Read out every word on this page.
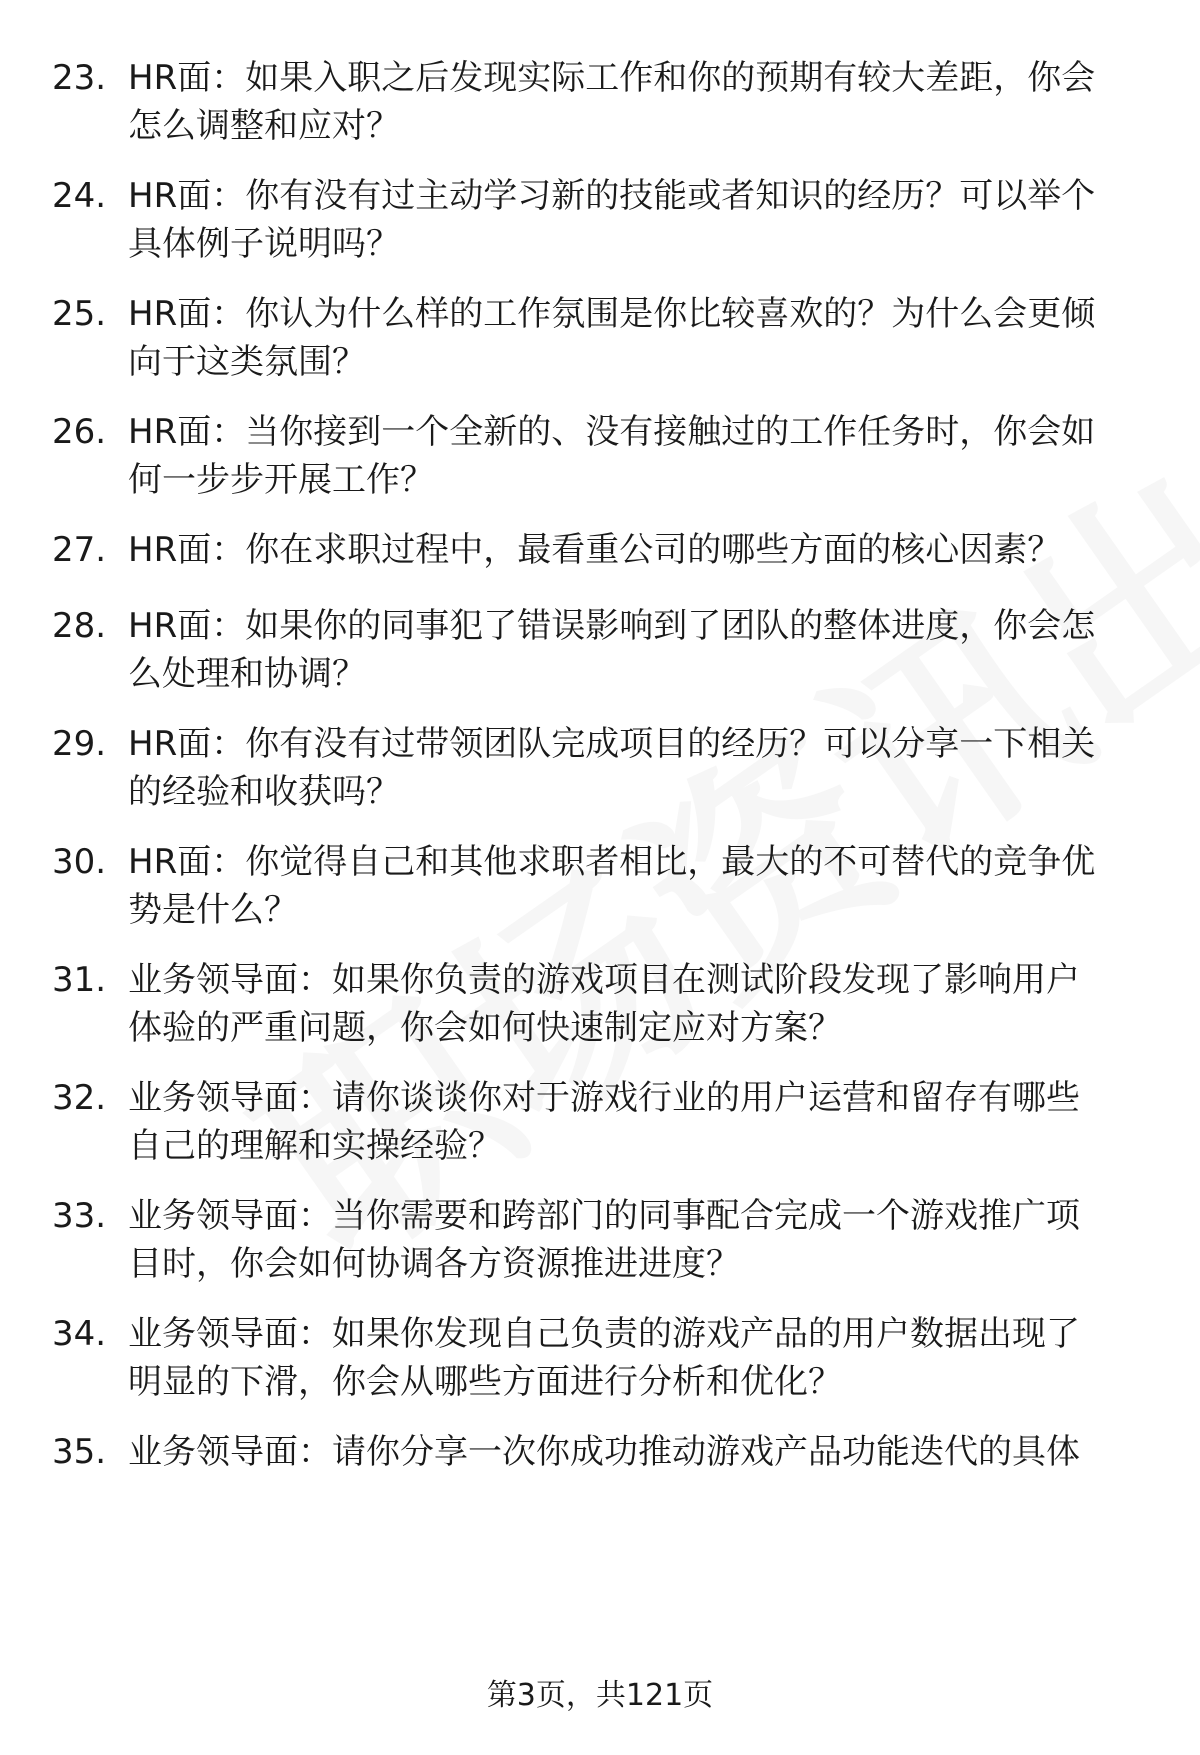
23. HR面：如果入职之后发现实际工作和你的预期有较大差距，你会
怎么调整和应对？
24. HR面：你有没有过主动学习新的技能或者知识的经历？可以举个
具体例子说明吗？
25. HR面：你认为什么样的工作氛围是你比较喜欢的？为什么会更倾
向于这类氛围？
26. HR面：当你接到一个全新的、没有接触过的工作任务时，你会如
何一步步开展工作？
27. HR面：你在求职过程中，最看重公司的哪些方面的核心因素？
28. HR面：如果你的同事犯了错误影响到了团队的整体进度，你会怎
么处理和协调？
29. HR面：你有没有过带领团队完成项目的经历？可以分享一下相关
的经验和收获吗？
30. HR面：你觉得自己和其他求职者相比，最大的不可替代的竞争优
势是什么？
31. 业务领导面：如果你负责的游戏项目在测试阶段发现了影响用户
体验的严重问题，你会如何快速制定应对方案？
32. 业务领导面：请你谈谈你对于游戏行业的用户运营和留存有哪些
自己的理解和实操经验？
33. 业务领导面：当你需要和跨部门的同事配合完成一个游戏推广项
目时，你会如何协调各方资源推进进度？
34. 业务领导面：如果你发现自己负责的游戏产品的用户数据出现了
明显的下滑，你会从哪些方面进行分析和优化？
35. 业务领导面：请你分享一次你成功推动游戏产品功能迭代的具体
第3页，共121页
